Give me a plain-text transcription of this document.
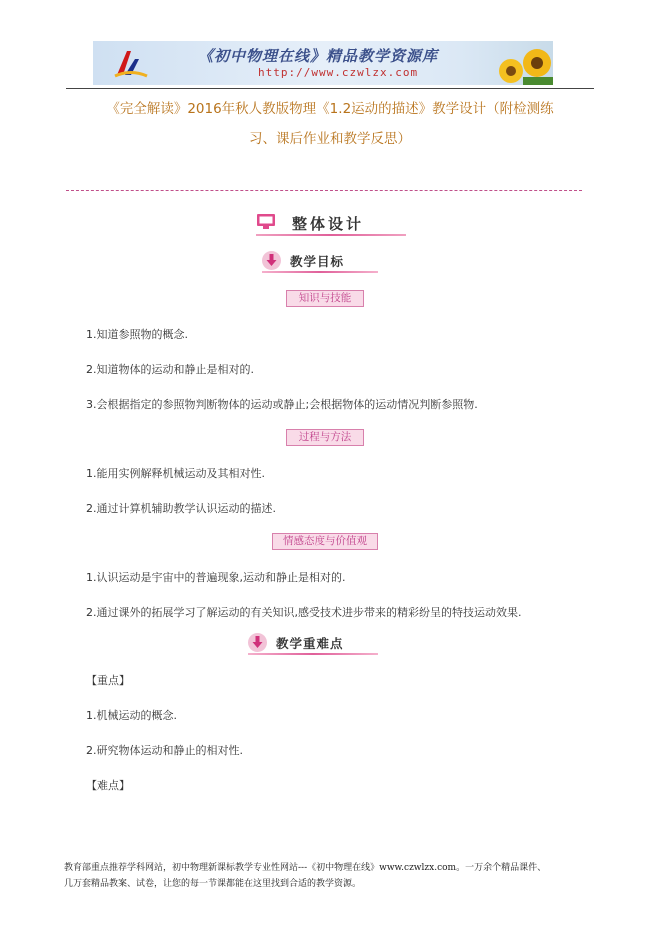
《初中物理在线》精品教学资源库
http://www.czwlzx.com
《完全解读》2016年秋人教版物理《1.2运动的描述》教学设计（附检测练
习、课后作业和教学反思）
整体设计
教学目标
知识与技能
1.知道参照物的概念.
2.知道物体的运动和静止是相对的.
3.会根据指定的参照物判断物体的运动或静止;会根据物体的运动情况判断参照物.
过程与方法
1.能用实例解释机械运动及其相对性.
2.通过计算机辅助教学认识运动的描述.
情感态度与价值观
1.认识运动是宇宙中的普遍现象,运动和静止是相对的.
2.通过课外的拓展学习了解运动的有关知识,感受技术进步带来的精彩纷呈的特技运动效果.
教学重难点
【重点】
1.机械运动的概念.
2.研究物体运动和静止的相对性.
【难点】
教育部重点推荐学科网站，初中物理新课标教学专业性网站---《初中物理在线》www.czwlzx.com。一万余个精品课件、
几万套精品教案、试卷，让您的每一节课都能在这里找到合适的教学资源。
